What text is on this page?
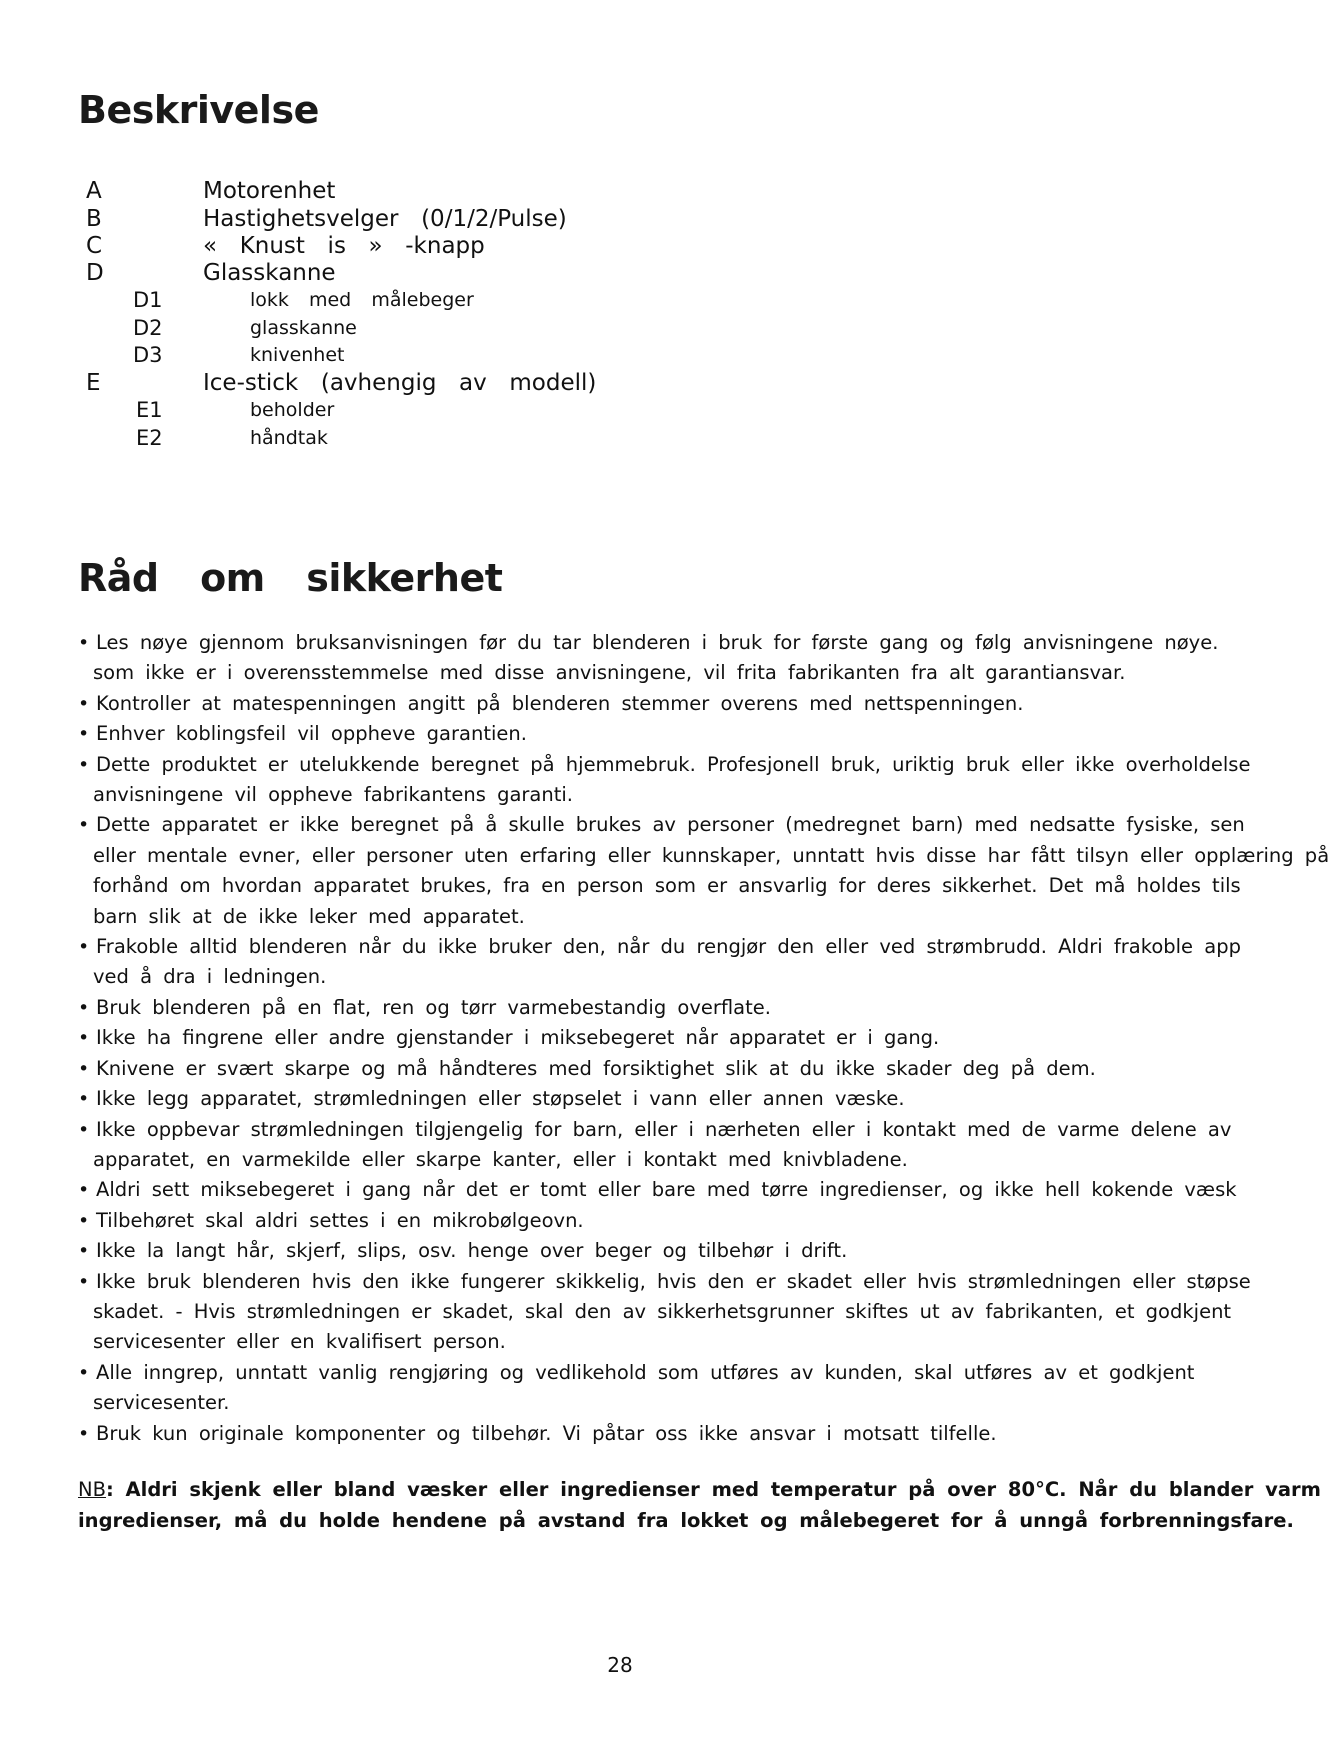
Beskrivelse
A	Motorenhet
B	Hastighetsvelger  (0/1/2/Pulse)
C	«  Knust  is  »  -knapp
D	Glasskanne
D1	lokk  med  målebeger
D2	glasskanne
D3	knivenhet
E	Ice-stick  (avhengig  av  modell)
E1	beholder
E2	håndtak
Råd  om  sikkerhet
• Les nøye gjennom bruksanvisningen før du tar blenderen i bruk for første gang og følg anvisningene nøye.
som ikke er i overensstemmelse med disse anvisningene, vil frita fabrikanten fra alt garantiansvar.
• Kontroller at matespenningen angitt på blenderen stemmer overens med nettspenningen.
• Enhver koblingsfeil vil oppheve garantien.
• Dette produktet er utelukkende beregnet på hjemmebruk. Profesjonell bruk, uriktig bruk eller ikke overholdelse
anvisningene vil oppheve fabrikantens garanti.
• Dette apparatet er ikke beregnet på å skulle brukes av personer (medregnet barn) med nedsatte fysiske, sen
eller mentale evner, eller personer uten erfaring eller kunnskaper, unntatt hvis disse har fått tilsyn eller opplæring på
forhånd om hvordan apparatet brukes, fra en person som er ansvarlig for deres sikkerhet. Det må holdes tils
barn slik at de ikke leker med apparatet.
• Frakoble alltid blenderen når du ikke bruker den, når du rengjør den eller ved strømbrudd. Aldri frakoble app
ved å dra i ledningen.
• Bruk blenderen på en flat, ren og tørr varmebestandig overflate.
• Ikke ha fingrene eller andre gjenstander i miksebegeret når apparatet er i gang.
• Knivene er svært skarpe og må håndteres med forsiktighet slik at du ikke skader deg på dem.
• Ikke legg apparatet, strømledningen eller støpselet i vann eller annen væske.
• Ikke oppbevar strømledningen tilgjengelig for barn, eller i nærheten eller i kontakt med de varme delene av
apparatet, en varmekilde eller skarpe kanter, eller i kontakt med knivbladene.
• Aldri sett miksebegeret i gang når det er tomt eller bare med tørre ingredienser, og ikke hell kokende væsk
• Tilbehøret skal aldri settes i en mikrobølgeovn.
• Ikke la langt hår, skjerf, slips, osv. henge over beger og tilbehør i drift.
• Ikke bruk blenderen hvis den ikke fungerer skikkelig, hvis den er skadet eller hvis strømledningen eller støpse
skadet. - Hvis strømledningen er skadet, skal den av sikkerhetsgrunner skiftes ut av fabrikanten, et godkjent
servicesenter eller en kvalifisert person.
• Alle inngrep, unntatt vanlig rengjøring og vedlikehold som utføres av kunden, skal utføres av et godkjent
servicesenter.
• Bruk kun originale komponenter og tilbehør. Vi påtar oss ikke ansvar i motsatt tilfelle.
NB: Aldri skjenk eller bland væsker eller ingredienser med temperatur på over 80°C. Når du blander varm
ingredienser, må du holde hendene på avstand fra lokket og målebegeret for å unngå forbrenningsfare.
28
